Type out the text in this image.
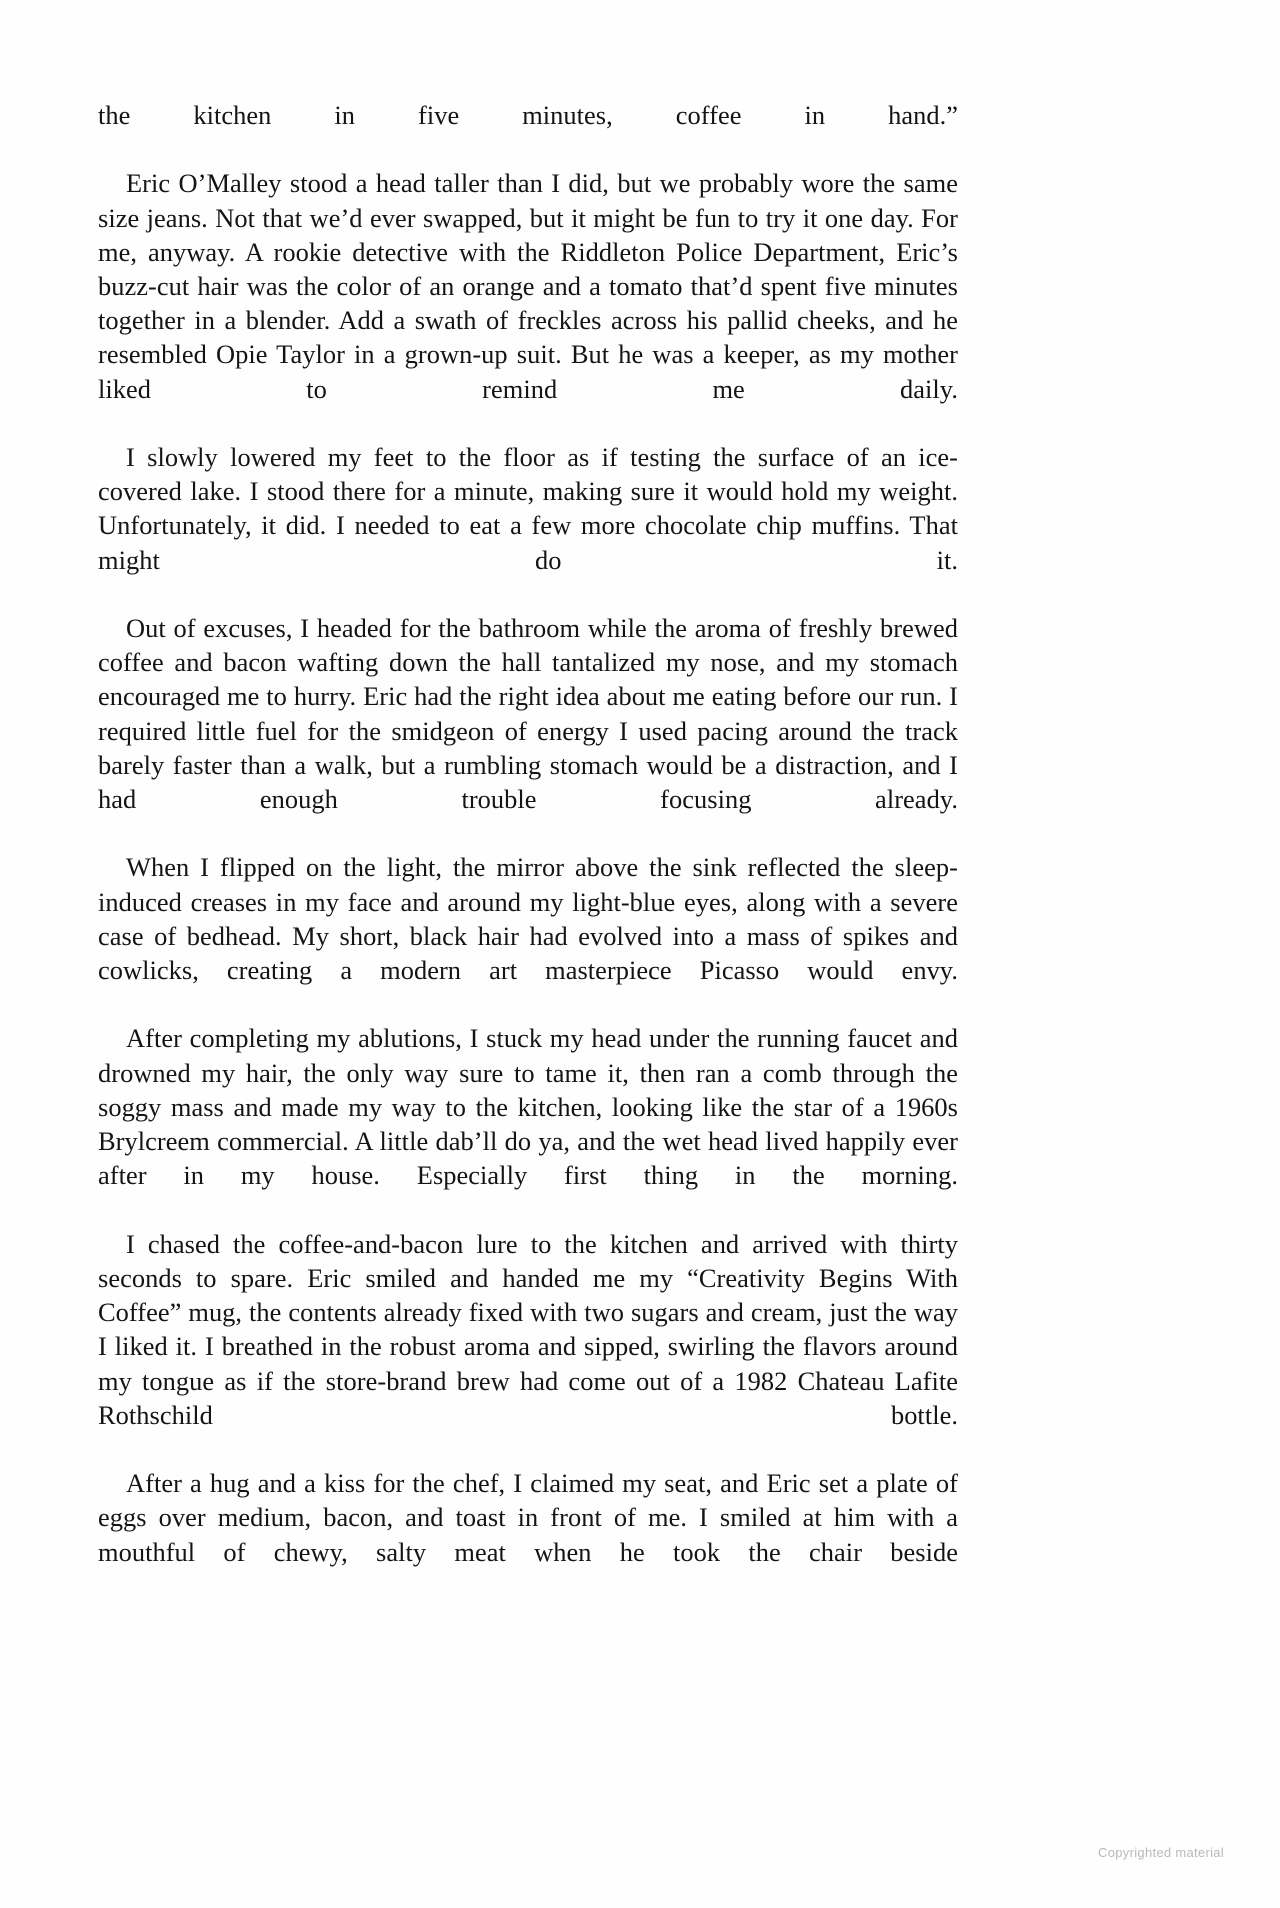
the kitchen in five minutes, coffee in hand.”

Eric O’Malley stood a head taller than I did, but we probably wore the same size jeans. Not that we’d ever swapped, but it might be fun to try it one day. For me, anyway. A rookie detective with the Riddleton Police Department, Eric’s buzz-cut hair was the color of an orange and a tomato that’d spent five minutes together in a blender. Add a swath of freckles across his pallid cheeks, and he resembled Opie Taylor in a grown-up suit. But he was a keeper, as my mother liked to remind me daily.

I slowly lowered my feet to the floor as if testing the surface of an ice-covered lake. I stood there for a minute, making sure it would hold my weight. Unfortunately, it did. I needed to eat a few more chocolate chip muffins. That might do it.

Out of excuses, I headed for the bathroom while the aroma of freshly brewed coffee and bacon wafting down the hall tantalized my nose, and my stomach encouraged me to hurry. Eric had the right idea about me eating before our run. I required little fuel for the smidgeon of energy I used pacing around the track barely faster than a walk, but a rumbling stomach would be a distraction, and I had enough trouble focusing already.

When I flipped on the light, the mirror above the sink reflected the sleep-induced creases in my face and around my light-blue eyes, along with a severe case of bedhead. My short, black hair had evolved into a mass of spikes and cowlicks, creating a modern art masterpiece Picasso would envy.

After completing my ablutions, I stuck my head under the running faucet and drowned my hair, the only way sure to tame it, then ran a comb through the soggy mass and made my way to the kitchen, looking like the star of a 1960s Brylcreem commercial. A little dab’ll do ya, and the wet head lived happily ever after in my house. Especially first thing in the morning.

I chased the coffee-and-bacon lure to the kitchen and arrived with thirty seconds to spare. Eric smiled and handed me my “Creativity Begins With Coffee” mug, the contents already fixed with two sugars and cream, just the way I liked it. I breathed in the robust aroma and sipped, swirling the flavors around my tongue as if the store-brand brew had come out of a 1982 Chateau Lafite Rothschild bottle.

After a hug and a kiss for the chef, I claimed my seat, and Eric set a plate of eggs over medium, bacon, and toast in front of me. I smiled at him with a mouthful of chewy, salty meat when he took the chair beside

Copyrighted material
